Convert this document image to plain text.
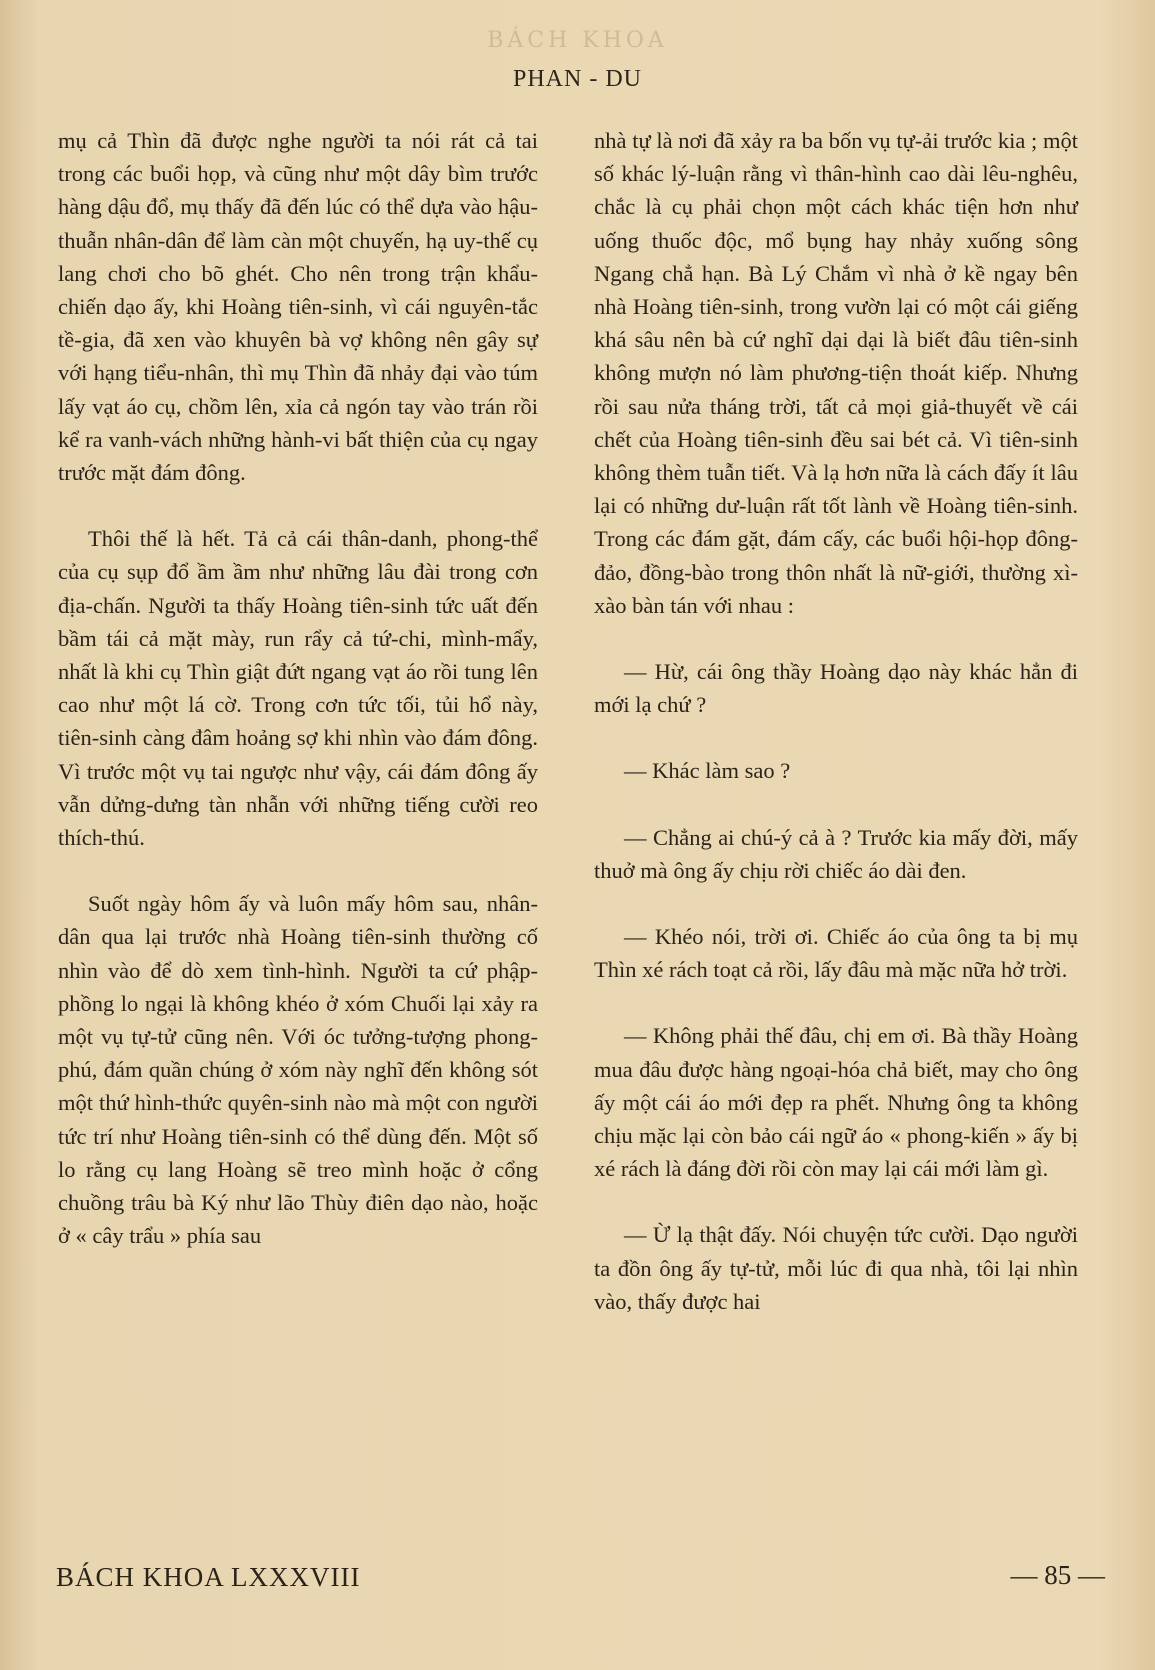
BÁCH KHOA
PHAN - DU

mụ cả Thìn đã được nghe người ta nói rát cả tai trong các buổi họp, và cũng như một dây bìm trước hàng dậu đổ, mụ thấy đã đến lúc có thể dựa vào hậu-thuẫn nhân-dân để làm càn một chuyến, hạ uy-thế cụ lang chơi cho bõ ghét. Cho nên trong trận khẩu-chiến dạo ấy, khi Hoàng tiên-sinh, vì cái nguyên-tắc tề-gia, đã xen vào khuyên bà vợ không nên gây sự với hạng tiểu-nhân, thì mụ Thìn đã nhảy đại vào túm lấy vạt áo cụ, chồm lên, xỉa cả ngón tay vào trán rồi kể ra vanh-vách những hành-vi bất thiện của cụ ngay trước mặt đám đông.

Thôi thế là hết. Tả cả cái thân-danh, phong-thể của cụ sụp đổ ầm ầm như những lâu đài trong cơn địa-chấn. Người ta thấy Hoàng tiên-sinh tức uất đến bầm tái cả mặt mày, run rẩy cả tứ-chi, mình-mẩy, nhất là khi cụ Thìn giật đứt ngang vạt áo rồi tung lên cao như một lá cờ. Trong cơn tức tối, tủi hổ này, tiên-sinh càng đâm hoảng sợ khi nhìn vào đám đông. Vì trước một vụ tai ngược như vậy, cái đám đông ấy vẫn dửng-dưng tàn nhẫn với những tiếng cười reo thích-thú.

Suốt ngày hôm ấy và luôn mấy hôm sau, nhân-dân qua lại trước nhà Hoàng tiên-sinh thường cố nhìn vào để dò xem tình-hình. Người ta cứ phập-phồng lo ngại là không khéo ở xóm Chuối lại xảy ra một vụ tự-tử cũng nên. Với óc tưởng-tượng phong-phú, đám quần chúng ở xóm này nghĩ đến không sót một thứ hình-thức quyên-sinh nào mà một con người tức trí như Hoàng tiên-sinh có thể dùng đến. Một số lo rằng cụ lang Hoàng sẽ treo mình hoặc ở cổng chuồng trâu bà Ký như lão Thùy điên dạo nào, hoặc ở « cây trẩu » phía sau

nhà tự là nơi đã xảy ra ba bốn vụ tự-ải trước kia ; một số khác lý-luận rằng vì thân-hình cao dài lêu-nghêu, chắc là cụ phải chọn một cách khác tiện hơn như uống thuốc độc, mổ bụng hay nhảy xuống sông Ngang chẳ hạn. Bà Lý Chắm vì nhà ở kề ngay bên nhà Hoàng tiên-sinh, trong vườn lại có một cái giếng khá sâu nên bà cứ nghĩ dại dại là biết đâu tiên-sinh không mượn nó làm phương-tiện thoát kiếp. Nhưng rồi sau nửa tháng trời, tất cả mọi giả-thuyết về cái chết của Hoàng tiên-sinh đều sai bét cả. Vì tiên-sinh không thèm tuẫn tiết. Và lạ hơn nữa là cách đấy ít lâu lại có những dư-luận rất tốt lành về Hoàng tiên-sinh. Trong các đám gặt, đám cấy, các buổi hội-họp đông-đảo, đồng-bào trong thôn nhất là nữ-giới, thường xì-xào bàn tán với nhau :

— Hừ, cái ông thầy Hoàng dạo này khác hẳn đi mới lạ chứ ?

— Khác làm sao ?

— Chẳng ai chú-ý cả à ? Trước kia mấy đời, mấy thuở mà ông ấy chịu rời chiếc áo dài đen.

— Khéo nói, trời ơi. Chiếc áo của ông ta bị mụ Thìn xé rách toạt cả rồi, lấy đâu mà mặc nữa hở trời.

— Không phải thế đâu, chị em ơi. Bà thầy Hoàng mua đâu được hàng ngoại-hóa chả biết, may cho ông ấy một cái áo mới đẹp ra phết. Nhưng ông ta không chịu mặc lại còn bảo cái ngữ áo « phong-kiến » ấy bị xé rách là đáng đời rồi còn may lại cái mới làm gì.

— Ừ lạ thật đấy. Nói chuyện tức cười. Dạo người ta đồn ông ấy tự-tử, mỗi lúc đi qua nhà, tôi lại nhìn vào, thấy được hai

BÁCH KHOA LXXXVIII	— 85 —
